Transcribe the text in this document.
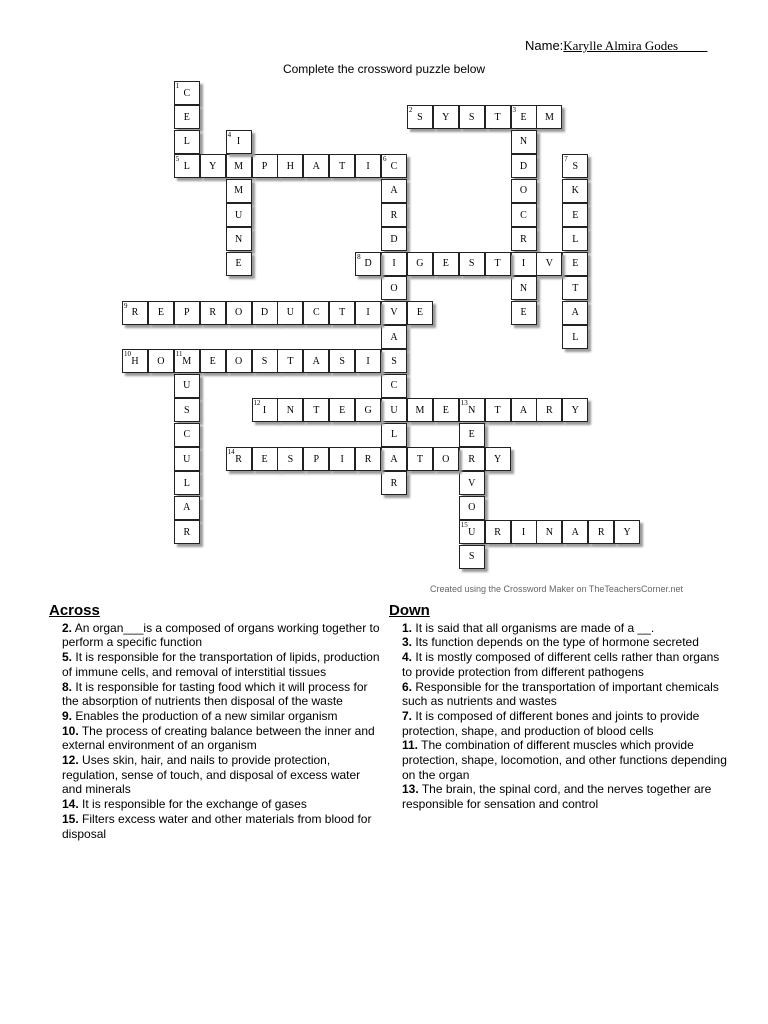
Name:Karylle Almira Godes
Complete the crossword puzzle below
1
C
E
L
5
L Y M P H A T I
6
C
4
I
M
U
N
E
A
R
D
I
O
V
A
S
C
U
L
A
R
2
S Y S T
3
E M
N
D
O
C
R
I
N
E
7
S
K
E
L
E
T
A
L
8
D	G E S T	V
9
R E P R O D U C T I	E
10
H O
11
M E O S T A S I
U
S
C
U
L
A
R
12
I N T E G	M E
13
N T A R Y
E
R
V
O
15
U
S
14
R E S P I R	T O	Y
R I N A R Y
Created using the Crossword Maker on TheTeachersCorner.net
Across
2. An organ___is a composed of organs working together to perform a specific function
5. It is responsible for the transportation of lipids, production of immune cells, and removal of interstitial tissues
8. It is responsible for tasting food which it will process for the absorption of nutrients then disposal of the waste
9. Enables the production of a new similar organism
10. The process of creating balance between the inner and external environment of an organism
12. Uses skin, hair, and nails to provide protection, regulation, sense of touch, and disposal of excess water and minerals
14. It is responsible for the exchange of gases
15. Filters excess water and other materials from blood for disposal
Down
1. It is said that all organisms are made of a __.
3. Its function depends on the type of hormone secreted
4. It is mostly composed of different cells rather than organs to provide protection from different pathogens
6. Responsible for the transportation of important chemicals such as nutrients and wastes
7. It is composed of different bones and joints to provide protection, shape, and production of blood cells
11. The combination of different muscles which provide protection, shape, locomotion, and other functions depending on the organ
13. The brain, the spinal cord, and the nerves together are responsible for sensation and control
